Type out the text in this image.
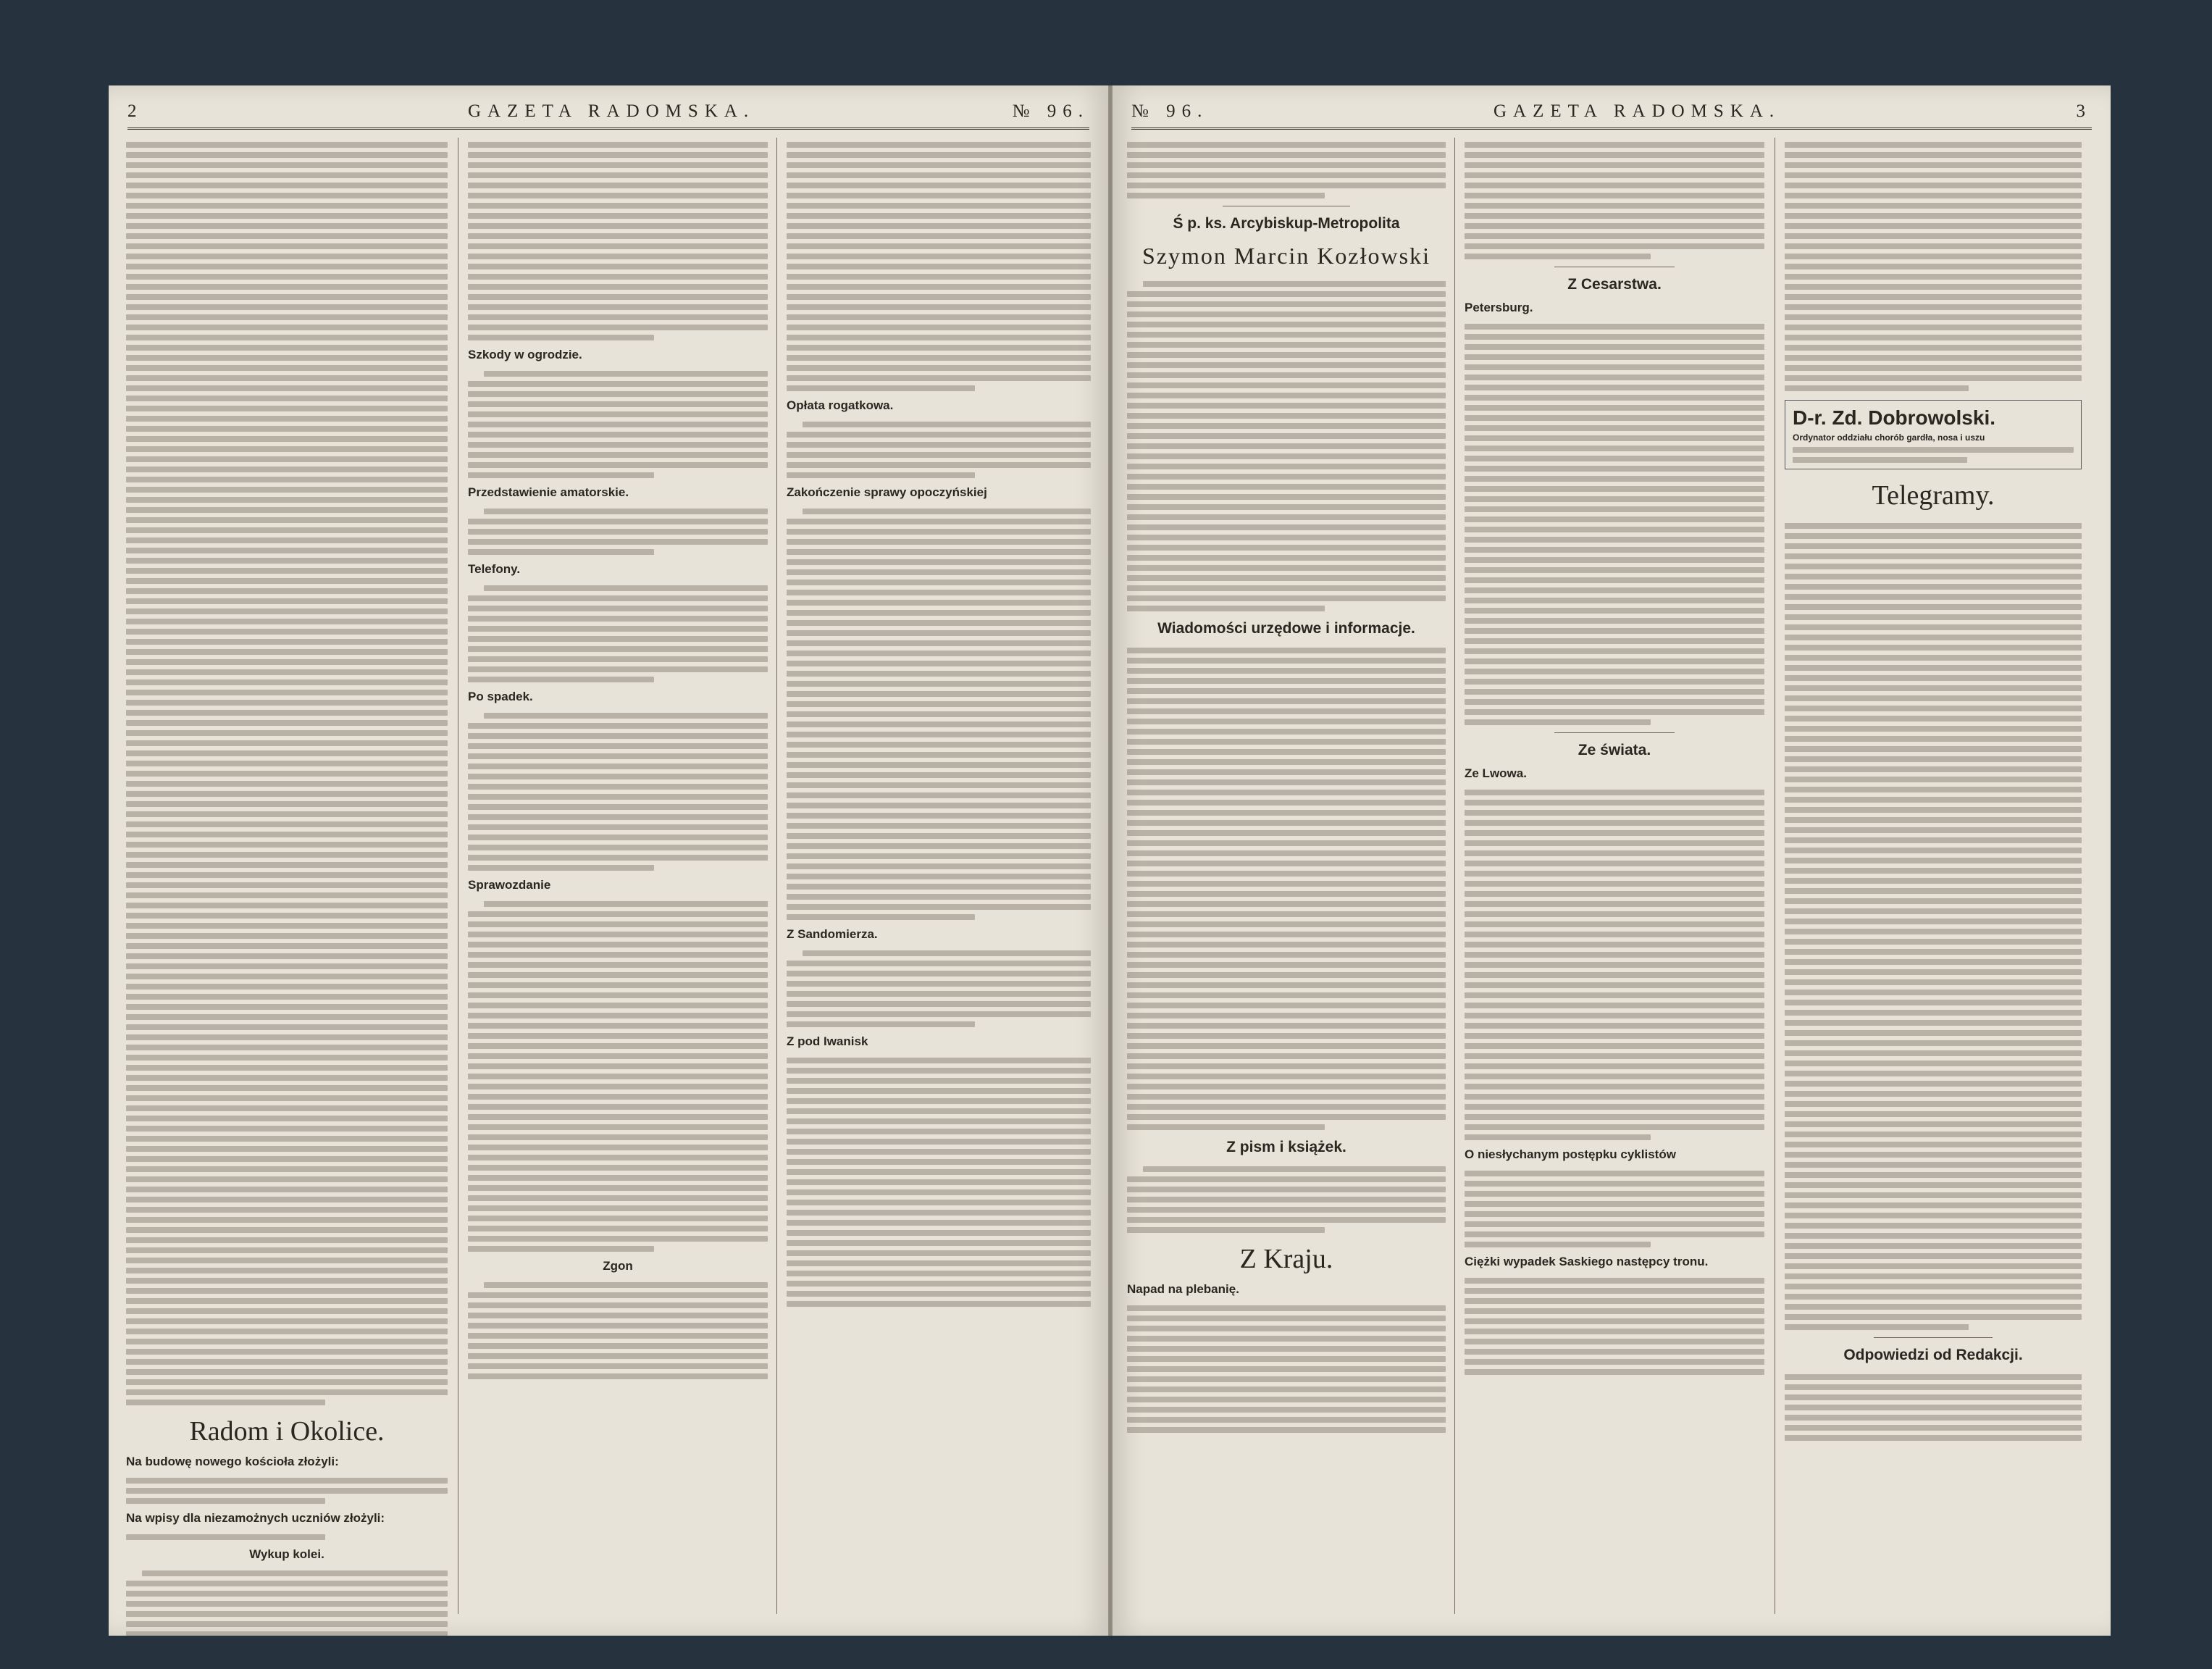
2	GAZETA RADOMSKA.	№ 96.
Radom i Okolice.
Na budowę nowego kościoła złożyli:
Na wpisy dla niezamożnych uczniów złożyli:
Wykup kolei.
Szkody w ogrodzie.
Przedstawienie amatorskie.
Telefony.
Po spadek.
Sprawozdanie
Zgon
Opłata rogatkowa.
Zakończenie sprawy opoczyńskiej
Z Sandomierza.
Z pod Iwanisk
№ 96.	GAZETA RADOMSKA.	3
Ś p. ks. Arcybiskup-Metropolita
Szymon Marcin Kozłowski
Wiadomości urzędowe i informacje.
Z pism i książek.
Z Kraju.
Napad na plebanię.
Z Cesarstwa.
Petersburg.
Ze świata.
Ze Lwowa.
O niesłychanym postępku cyklistów
Ciężki wypadek Saskiego następcy tronu.
D-r. Zd. Dobrowolski.
Ordynator oddziału chorób gardła, nosa i uszu
Telegramy.
Odpowiedzi od Redakcji.
